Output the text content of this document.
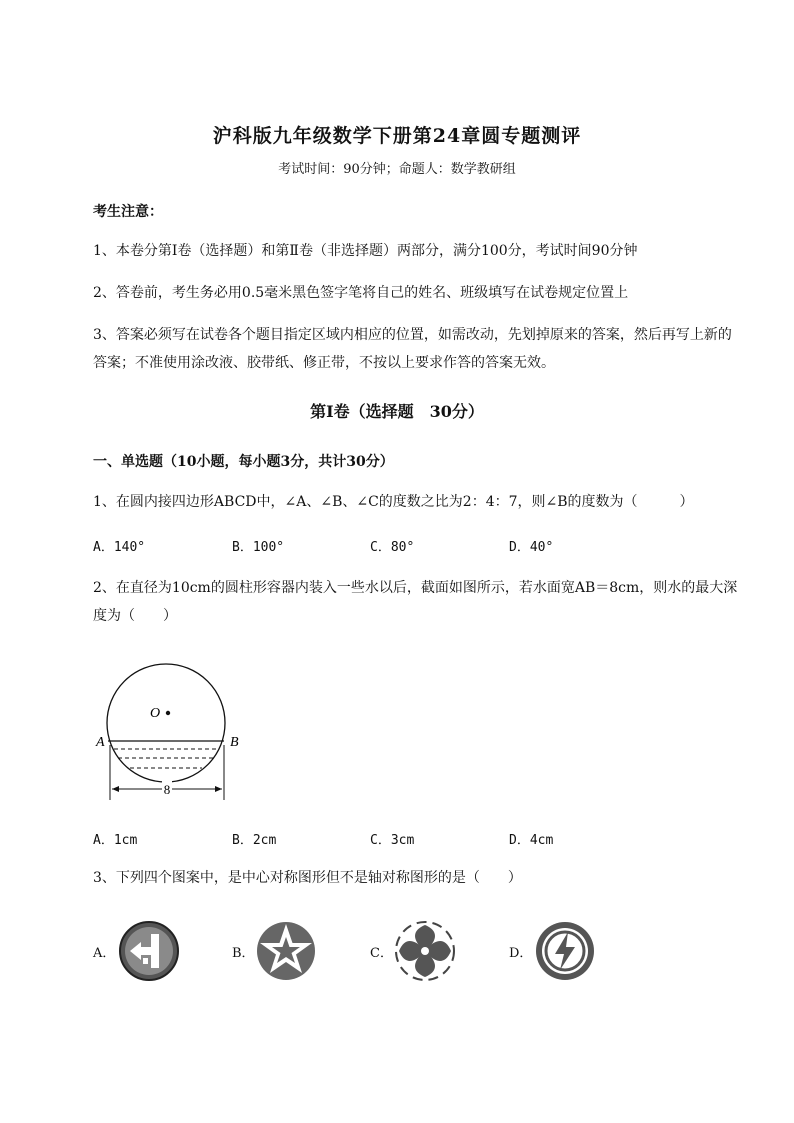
沪科版九年级数学下册第24章圆专题测评
考试时间：90分钟；命题人：数学教研组
考生注意：
1、本卷分第I卷（选择题）和第Ⅱ卷（非选择题）两部分，满分100分，考试时间90分钟
2、答卷前，考生务必用0.5毫米黑色签字笔将自己的姓名、班级填写在试卷规定位置上
3、答案必须写在试卷各个题目指定区域内相应的位置，如需改动，先划掉原来的答案，然后再写上新的答案；不准使用涂改液、胶带纸、修正带，不按以上要求作答的答案无效。
第I卷（选择题　30分）
一、单选题（10小题，每小题3分，共计30分）
1、在圆内接四边形ABCD中，∠A、∠B、∠C的度数之比为2：4：7，则∠B的度数为（　　　）
A．140°	B．100°	C．80°	D．40°
2、在直径为10cm的圆柱形容器内装入一些水以后，截面如图所示，若水面宽AB＝8cm，则水的最大深度为（　　）
O
A	B
8
A．1cm	B．2cm	C．3cm	D．4cm
3、下列四个图案中，是中心对称图形但不是轴对称图形的是（　　）
A．	B．	C．	D．
